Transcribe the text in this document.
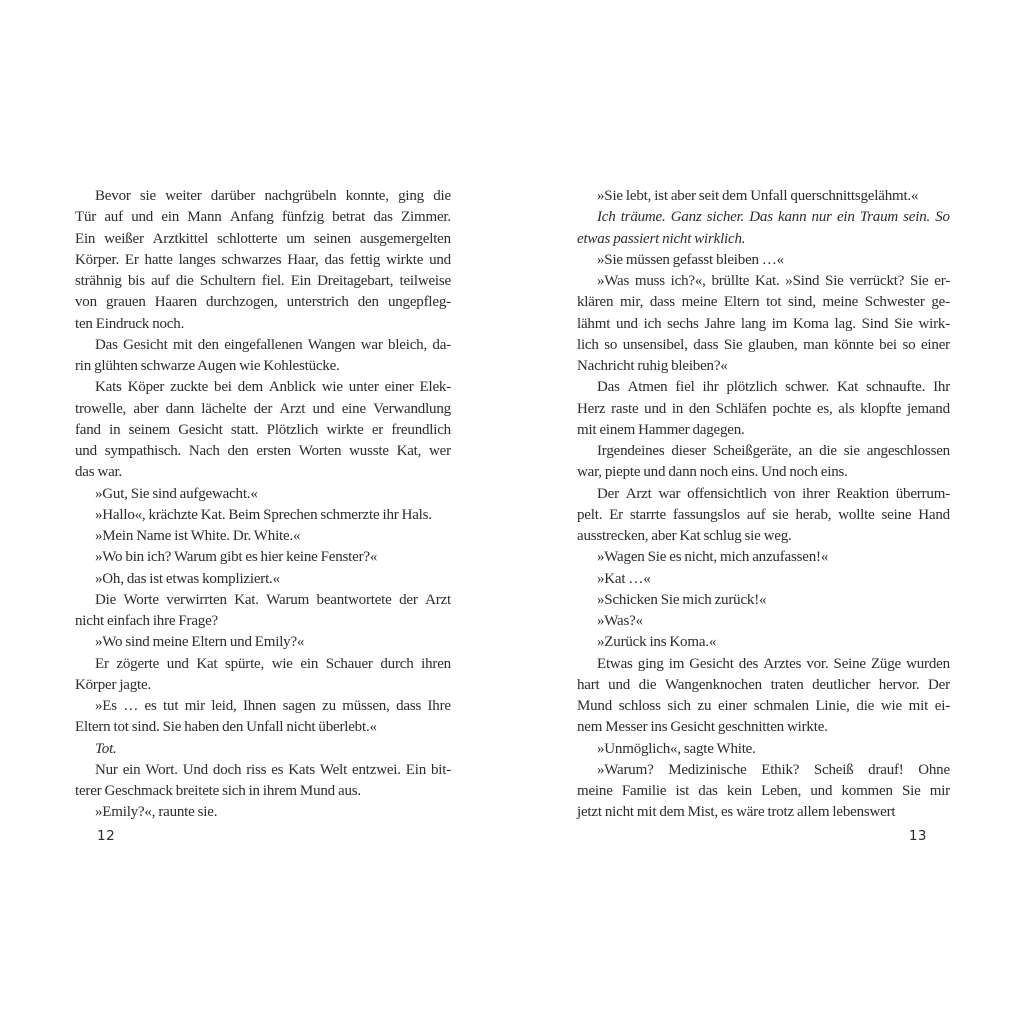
Bevor sie weiter darüber nachgrübeln konnte, ging die
Tür auf und ein Mann Anfang fünfzig betrat das Zimmer.
Ein weißer Arztkittel schlotterte um seinen ausgemergelten
Körper. Er hatte langes schwarzes Haar, das fettig wirkte und
strähnig bis auf die Schultern fiel. Ein Dreitagebart, teilweise
von grauen Haaren durchzogen, unterstrich den ungepfleg-
ten Eindruck noch.
Das Gesicht mit den eingefallenen Wangen war bleich, da-
rin glühten schwarze Augen wie Kohlestücke.
Kats Köper zuckte bei dem Anblick wie unter einer Elek-
trowelle, aber dann lächelte der Arzt und eine Verwandlung
fand in seinem Gesicht statt. Plötzlich wirkte er freundlich
und sympathisch. Nach den ersten Worten wusste Kat, wer
das war.
»Gut, Sie sind aufgewacht.«
»Hallo«, krächzte Kat. Beim Sprechen schmerzte ihr Hals.
»Mein Name ist White. Dr. White.«
»Wo bin ich? Warum gibt es hier keine Fenster?«
»Oh, das ist etwas kompliziert.«
Die Worte verwirrten Kat. Warum beantwortete der Arzt
nicht einfach ihre Frage?
»Wo sind meine Eltern und Emily?«
Er zögerte und Kat spürte, wie ein Schauer durch ihren
Körper jagte.
»Es … es tut mir leid, Ihnen sagen zu müssen, dass Ihre
Eltern tot sind. Sie haben den Unfall nicht überlebt.«
Tot.
Nur ein Wort. Und doch riss es Kats Welt entzwei. Ein bit-
terer Geschmack breitete sich in ihrem Mund aus.
»Emily?«, raunte sie.
12
»Sie lebt, ist aber seit dem Unfall querschnittsgelähmt.«
Ich träume. Ganz sicher. Das kann nur ein Traum sein. So
etwas passiert nicht wirklich.
»Sie müssen gefasst bleiben …«
»Was muss ich?«, brüllte Kat. »Sind Sie verrückt? Sie er-
klären mir, dass meine Eltern tot sind, meine Schwester ge-
lähmt und ich sechs Jahre lang im Koma lag. Sind Sie wirk-
lich so unsensibel, dass Sie glauben, man könnte bei so einer
Nachricht ruhig bleiben?«
Das Atmen fiel ihr plötzlich schwer. Kat schnaufte. Ihr
Herz raste und in den Schläfen pochte es, als klopfte jemand
mit einem Hammer dagegen.
Irgendeines dieser Scheißgeräte, an die sie angeschlossen
war, piepte und dann noch eins. Und noch eins.
Der Arzt war offensichtlich von ihrer Reaktion überrum-
pelt. Er starrte fassungslos auf sie herab, wollte seine Hand
ausstrecken, aber Kat schlug sie weg.
»Wagen Sie es nicht, mich anzufassen!«
»Kat …«
»Schicken Sie mich zurück!«
»Was?«
»Zurück ins Koma.«
Etwas ging im Gesicht des Arztes vor. Seine Züge wurden
hart und die Wangenknochen traten deutlicher hervor. Der
Mund schloss sich zu einer schmalen Linie, die wie mit ei-
nem Messer ins Gesicht geschnitten wirkte.
»Unmöglich«, sagte White.
»Warum? Medizinische Ethik? Scheiß drauf! Ohne
meine Familie ist das kein Leben, und kommen Sie mir
jetzt nicht mit dem Mist, es wäre trotz allem lebenswert
13
